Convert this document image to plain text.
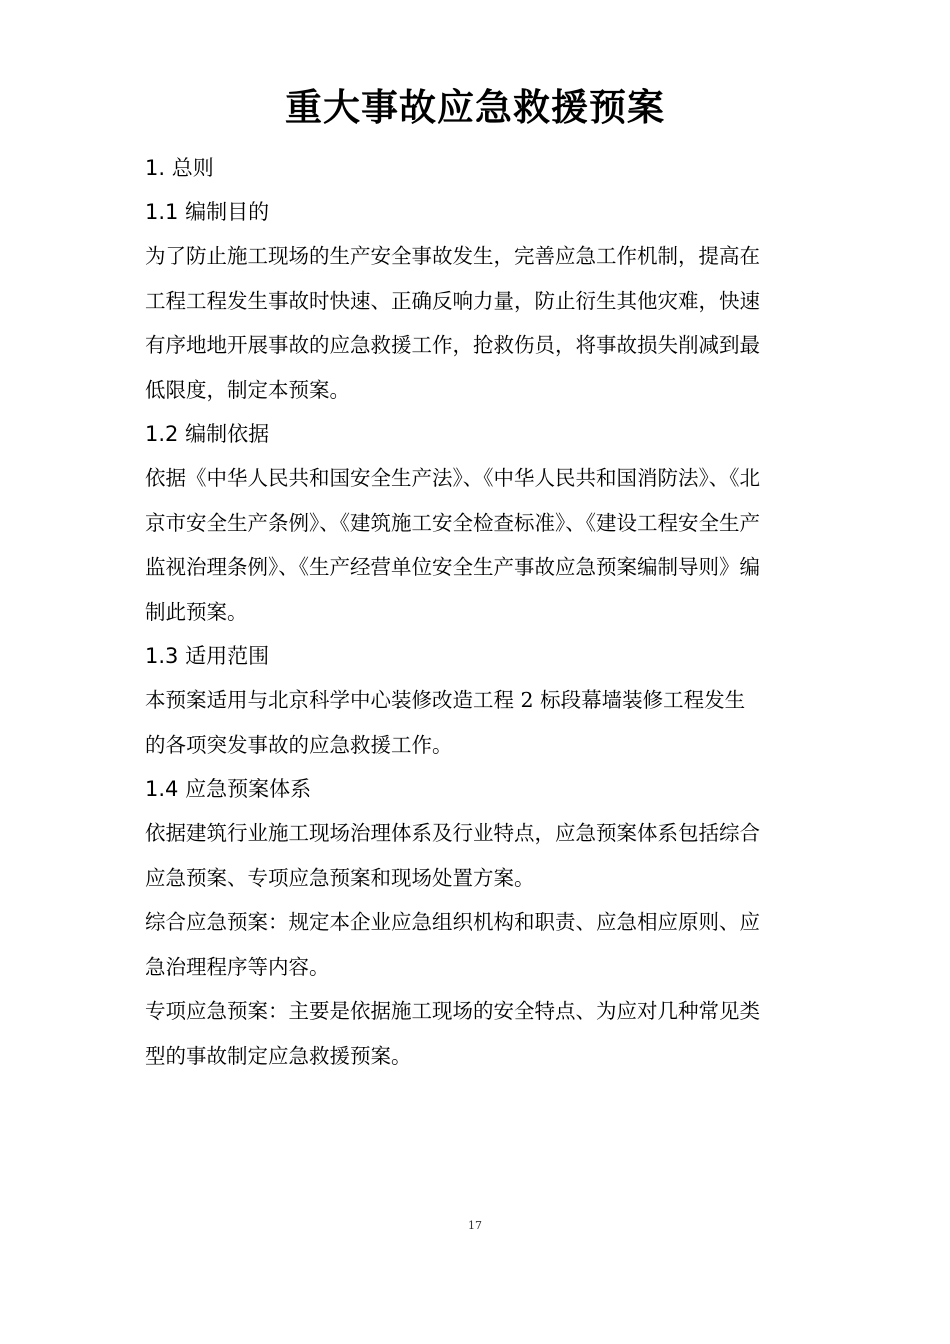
重大事故应急救援预案
1. 总则
1.1 编制目的

为了防止施工现场的生产安全事故发生，完善应急工作机制，提高在
工程工程发生事故时快速、正确反响力量，防止衍生其他灾难，快速
有序地地开展事故的应急救援工作，抢救伤员，将事故损失削减到最
低限度，制定本预案。

1.2 编制依据

依据《中华人民共和国安全生产法》、《中华人民共和国消防法》、《北
京市安全生产条例》、《建筑施工安全检查标准》、《建设工程安全生产
监视治理条例》、《生产经营单位安全生产事故应急预案编制导则》编
制此预案。

1.3 适用范围

本预案适用与北京科学中心装修改造工程 2 标段幕墙装修工程发生
的各项突发事故的应急救援工作。

1.4 应急预案体系

依据建筑行业施工现场治理体系及行业特点，应急预案体系包括综合
应急预案、专项应急预案和现场处置方案。

综合应急预案：规定本企业应急组织机构和职责、应急相应原则、应
急治理程序等内容。

专项应急预案：主要是依据施工现场的安全特点、为应对几种常见类
型的事故制定应急救援预案。

17
